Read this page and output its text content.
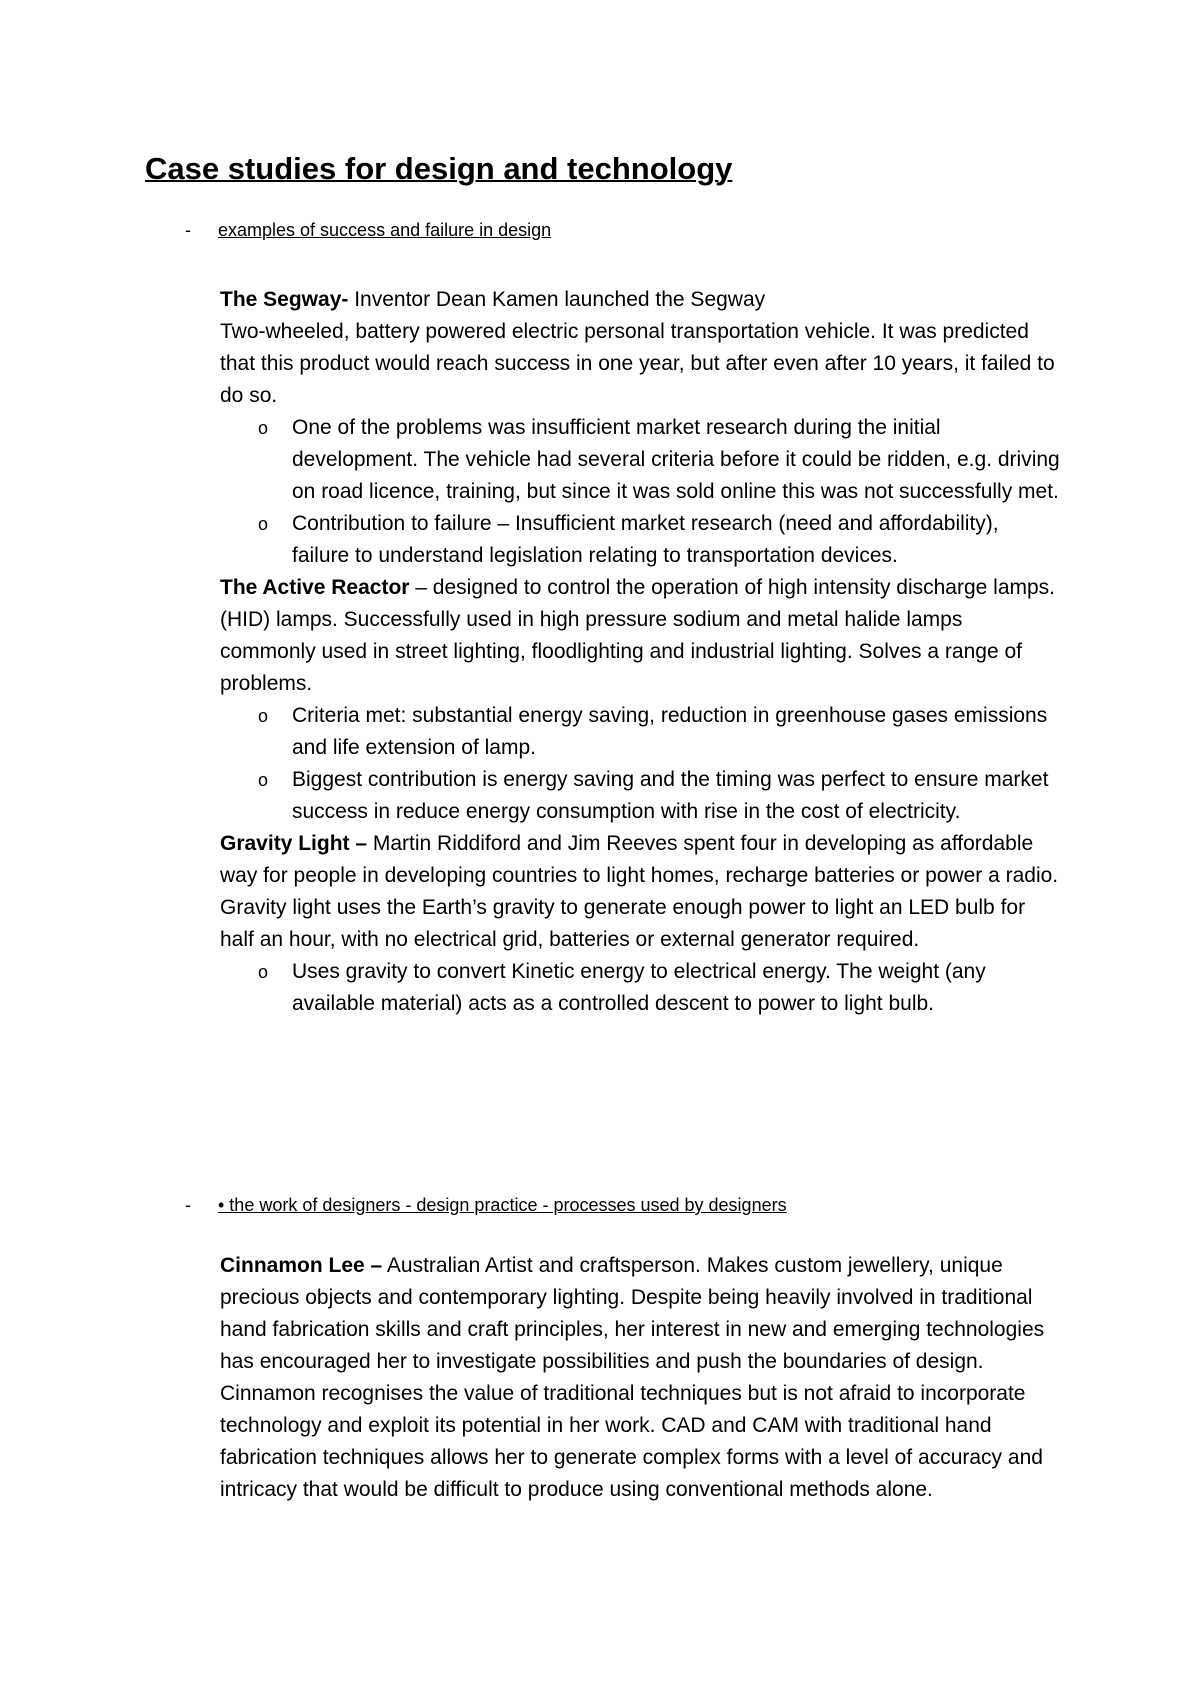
Case studies for design and technology
- examples of success and failure in design

The Segway- Inventor Dean Kamen launched the Segway

Two-wheeled, battery powered electric personal transportation vehicle. It was predicted that this product would reach success in one year, but after even after 10 years, it failed to do so.

o One of the problems was insufficient market research during the initial development. The vehicle had several criteria before it could be ridden, e.g. driving on road licence, training, but since it was sold online this was not successfully met.
o Contribution to failure – Insufficient market research (need and affordability), failure to understand legislation relating to transportation devices.

The Active Reactor – designed to control the operation of high intensity discharge lamps. (HID) lamps. Successfully used in high pressure sodium and metal halide lamps commonly used in street lighting, floodlighting and industrial lighting. Solves a range of problems.

o Criteria met: substantial energy saving, reduction in greenhouse gases emissions and life extension of lamp.
o Biggest contribution is energy saving and the timing was perfect to ensure market success in reduce energy consumption with rise in the cost of electricity.

Gravity Light – Martin Riddiford and Jim Reeves spent four in developing as affordable way for people in developing countries to light homes, recharge batteries or power a radio. Gravity light uses the Earth’s gravity to generate enough power to light an LED bulb for half an hour, with no electrical grid, batteries or external generator required.

o Uses gravity to convert Kinetic energy to electrical energy. The weight (any available material) acts as a controlled descent to power to light bulb.
- • the work of designers - design practice - processes used by designers

Cinnamon Lee – Australian Artist and craftsperson. Makes custom jewellery, unique precious objects and contemporary lighting. Despite being heavily involved in traditional hand fabrication skills and craft principles, her interest in new and emerging technologies has encouraged her to investigate possibilities and push the boundaries of design. Cinnamon recognises the value of traditional techniques but is not afraid to incorporate technology and exploit its potential in her work. CAD and CAM with traditional hand fabrication techniques allows her to generate complex forms with a level of accuracy and intricacy that would be difficult to produce using conventional methods alone.
